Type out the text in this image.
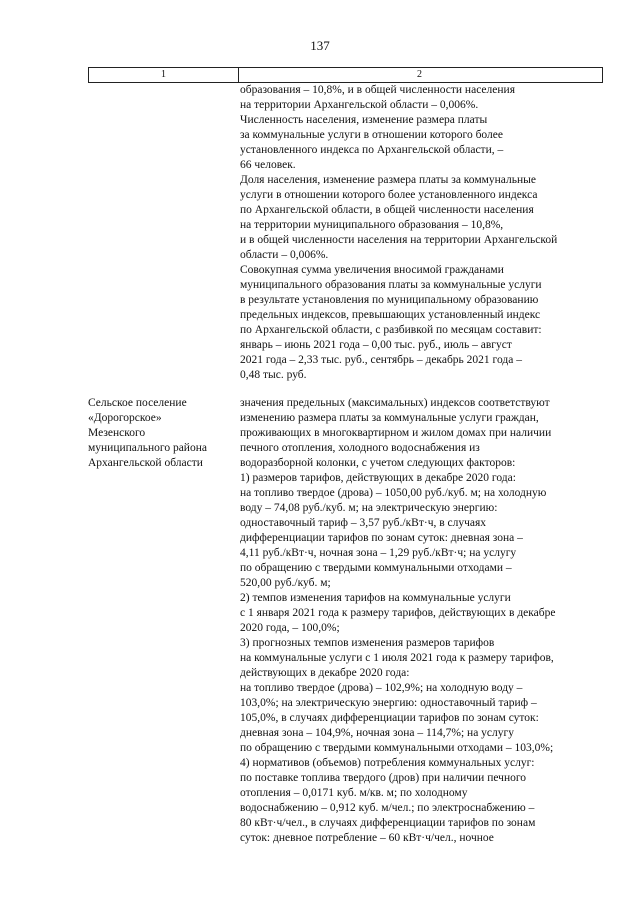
137
1	2
образования – 10,8%, и в общей численности населения
на территории Архангельской области – 0,006%.
Численность населения, изменение размера платы
за коммунальные услуги в отношении которого более
установленного индекса по Архангельской области, –
66 человек.
Доля населения, изменение размера платы за коммунальные
услуги в отношении которого более установленного индекса
по Архангельской области, в общей численности населения
на территории муниципального образования – 10,8%,
и в общей численности населения на территории Архангельской
области – 0,006%.
Совокупная сумма увеличения вносимой гражданами
муниципального образования платы за коммунальные услуги
в результате установления по муниципальному образованию
предельных индексов, превышающих установленный индекс
по Архангельской области, с разбивкой по месяцам составит:
январь – июнь 2021 года – 0,00 тыс. руб., июль – август
2021 года – 2,33 тыс. руб., сентябрь – декабрь 2021 года –
0,48 тыс. руб.
Сельское поселение
«Дорогорское»
Мезенского
муниципального района
Архангельской области
значения предельных (максимальных) индексов соответствуют
изменению размера платы за коммунальные услуги граждан,
проживающих в многоквартирном и жилом домах при наличии
печного отопления, холодного водоснабжения из
водоразборной колонки, с учетом следующих факторов:
1) размеров тарифов, действующих в декабре 2020 года:
на топливо твердое (дрова) – 1050,00 руб./куб. м; на холодную
воду – 74,08 руб./куб. м; на электрическую энергию:
одноставочный тариф – 3,57 руб./кВт·ч, в случаях
дифференциации тарифов по зонам суток: дневная зона –
4,11 руб./кВт·ч, ночная зона – 1,29 руб./кВт·ч; на услугу
по обращению с твердыми коммунальными отходами –
520,00 руб./куб. м;
2) темпов изменения тарифов на коммунальные услуги
с 1 января 2021 года к размеру тарифов, действующих в декабре
2020 года, – 100,0%;
3) прогнозных темпов изменения размеров тарифов
на коммунальные услуги с 1 июля 2021 года к размеру тарифов,
действующих в декабре 2020 года:
на топливо твердое (дрова) – 102,9%; на холодную воду –
103,0%; на электрическую энергию: одноставочный тариф –
105,0%, в случаях дифференциации тарифов по зонам суток:
дневная зона – 104,9%, ночная зона – 114,7%; на услугу
по обращению с твердыми коммунальными отходами – 103,0%;
4) нормативов (объемов) потребления коммунальных услуг:
по поставке топлива твердого (дров) при наличии печного
отопления – 0,0171 куб. м/кв. м; по холодному
водоснабжению – 0,912 куб. м/чел.; по электроснабжению –
80 кВт·ч/чел., в случаях дифференциации тарифов по зонам
суток: дневное потребление – 60 кВт·ч/чел., ночное
